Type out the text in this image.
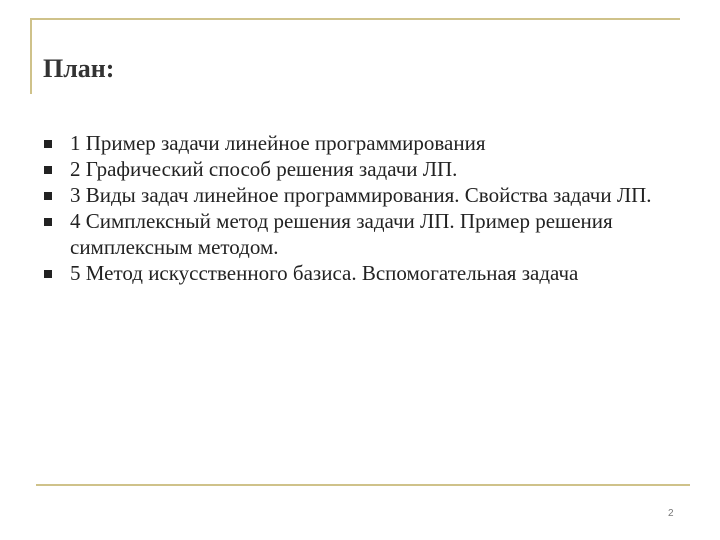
План:
1 Пример задачи линейное программирования
2 Графический способ решения задачи ЛП.
3 Виды задач линейное программирования. Свойства задачи ЛП.
4 Симплексный метод решения задачи ЛП. Пример решения симплексным методом.
5 Метод искусственного базиса. Вспомогательная задача
2
